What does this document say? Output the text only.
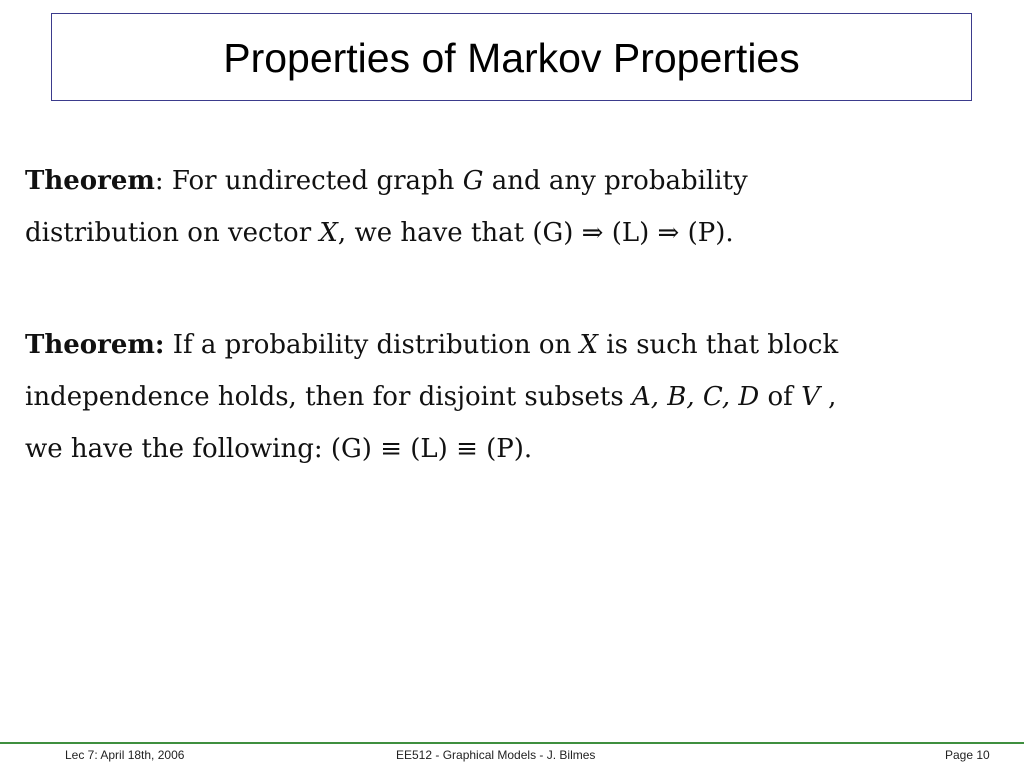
Properties of Markov Properties
Theorem: For undirected graph G and any probability
distribution on vector X, we have that (G) ⇒ (L) ⇒ (P).
Theorem: If a probability distribution on X is such that block
independence holds, then for disjoint subsets A, B, C, D of V ,
we have the following: (G) ≡ (L) ≡ (P).
Lec 7: April 18th, 2006	EE512 - Graphical Models - J. Bilmes	Page 10
